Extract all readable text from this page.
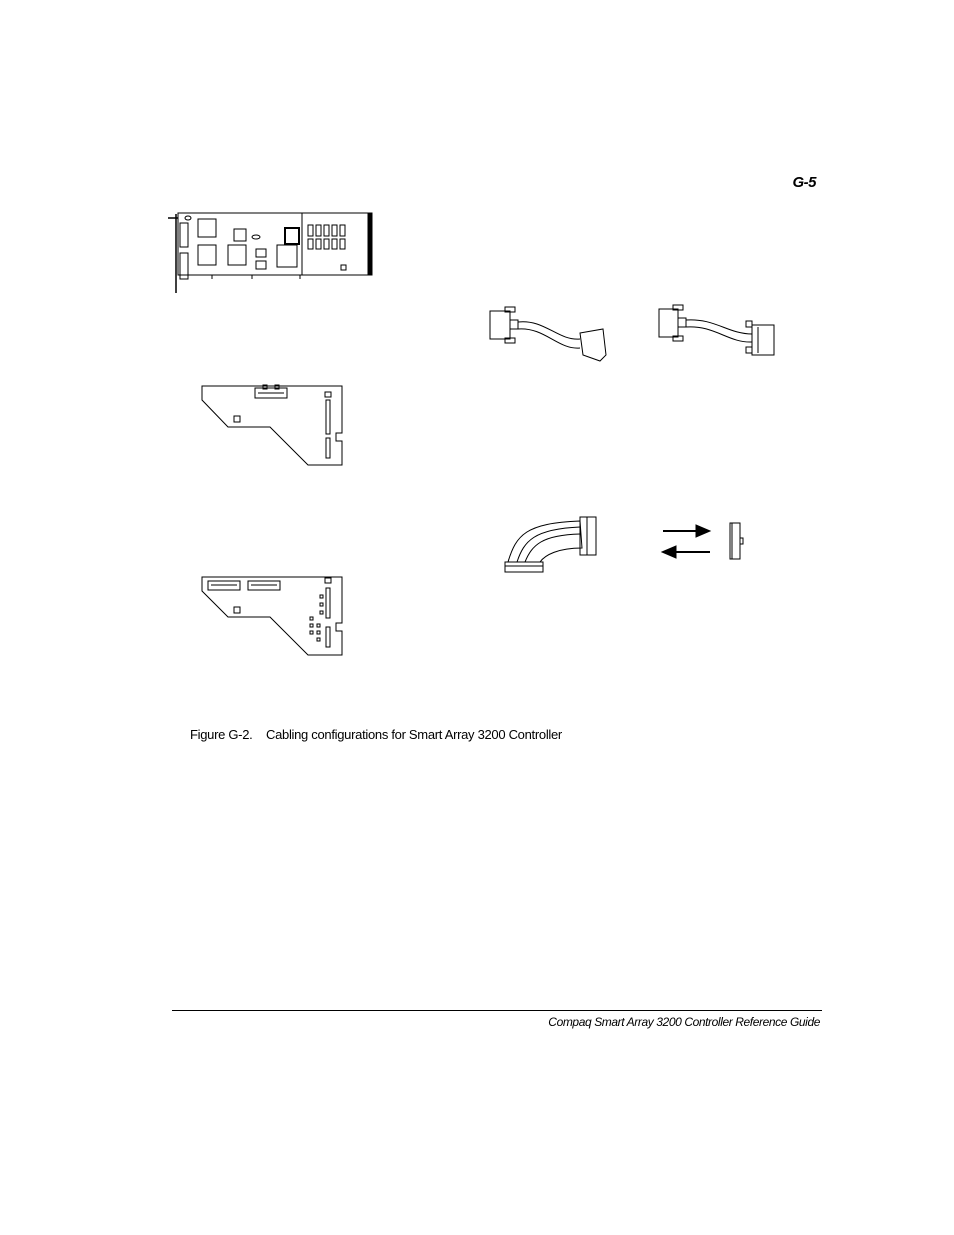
G-5
Figure G-2. Cabling configurations for Smart Array 3200 Controller
Compaq Smart Array 3200 Controller Reference Guide
